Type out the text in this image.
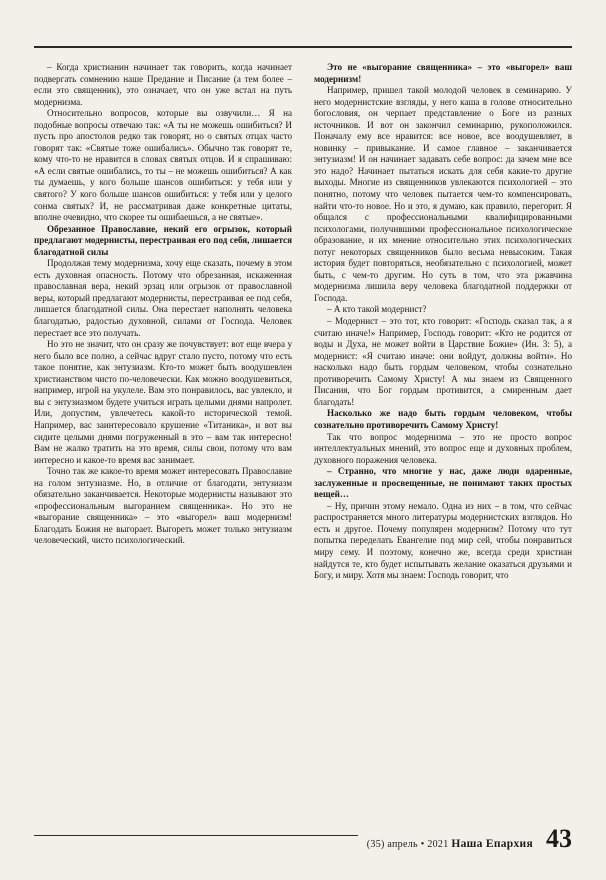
– Когда христианин начинает так говорить, когда начинает подвергать сомнению наше Предание и Писание (а тем более – если это священник), это означает, что он уже встал на путь модернизма.

Относительно вопросов, которые вы озвучили… Я на подобные вопросы отвечаю так: «А ты не можешь ошибиться? И пусть про апостолов редко так говорят, но о святых отцах часто говорят так: «Святые тоже ошибались». Обычно так говорят те, кому что-то не нравится в словах святых отцов. И я спрашиваю: «А если святые ошибались, то ты – не можешь ошибиться? А как ты думаешь, у кого больше шансов ошибиться: у тебя или у святого? У кого больше шансов ошибиться: у тебя или у целого сонма святых? И, не рассматривая даже конкретные цитаты, вполне очевидно, что скорее ты ошибаешься, а не святые».

Обрезанное Православие, некий его огрызок, который предлагают модернисты, перестраивая его под себя, лишается благодатной силы

Продолжая тему модернизма, хочу еще сказать, почему в этом есть духовная опасность. Потому что обрезанная, искаженная православная вера, некий эрзац или огрызок от православной веры, который предлагают модернисты, перестраивая ее под себя, лишается благодатной силы. Она перестает наполнять человека благодатью, радостью духовной, силами от Господа. Человек перестает все это получать.

Но это не значит, что он сразу же почувствует: вот еще вчера у него было все полно, а сейчас вдруг стало пусто, потому что есть такое понятие, как энтузиазм. Кто-то может быть воодушевлен христианством чисто по-человечески. Как можно воодушевиться, например, игрой на укулеле. Вам это понравилось, вас увлекло, и вы с энтузиазмом будете учиться играть целыми днями напролет. Или, допустим, увлечетесь какой-то исторической темой. Например, вас заинтересовало крушение «Титаника», и вот вы сидите целыми днями погруженный в это – вам так интересно! Вам не жалко тратить на это время, силы свои, потому что вам интересно и какое-то время вас занимает.

Точно так же какое-то время может интересовать Православие на голом энтузиазме. Но, в отличие от благодати, энтузиазм обязательно заканчивается. Некоторые модернисты называют это «профессиональным выгоранием священника». Но это не «выгорание священника» – это «выгорел» ваш модернизм! Благодать Божия не выгорает. Выгореть может только энтузиазм человеческий, чисто психологический.

Это не «выгорание священника» – это «выгорел» ваш модернизм!

Например, пришел такой молодой человек в семинарию. У него модернистские взгляды, у него каша в голове относительно богословия, он черпает представление о Боге из разных источников. И вот он закончил семинарию, рукоположился. Поначалу ему все нравится: все новое, все воодушевляет, в новинку – привыкание. И самое главное – заканчивается энтузиазм! И он начинает задавать себе вопрос: да зачем мне все это надо? Начинает пытаться искать для себя какие-то другие выходы. Многие из священников увлекаются психологией – это понятно, потому что человек пытается чем-то компенсировать, найти что-то новое. Но и это, я думаю, как правило, перегорит. Я общался с профессиональными квалифицированными психологами, получившими профессиональное психологическое образование, и их мнение относительно этих психологических потуг некоторых священников было весьма невысоким. Такая история будет повторяться, необязательно с психологией, может быть, с чем-то другим. Но суть в том, что эта ржавчина модернизма лишила веру человека благодатной поддержки от Господа.

– А кто такой модернист?

– Модернист – это тот, кто говорит: «Господь сказал так, а я считаю иначе!» Например, Господь говорит: «Кто не родится от воды и Духа, не может войти в Царствие Божие» (Ин. 3: 5), а модернист: «Я считаю иначе: они войдут, должны войти». Но насколько надо быть гордым человеком, чтобы сознательно противоречить Самому Христу! А мы знаем из Священного Писания, что Бог гордым противится, а смиренным дает благодать!

Насколько же надо быть гордым человеком, чтобы сознательно противоречить Самому Христу!

Так что вопрос модернизма – это не просто вопрос интеллектуальных мнений, это вопрос еще и духовных проблем, духовного поражения человека.

– Странно, что многие у нас, даже люди одаренные, заслуженные и просвещенные, не понимают таких простых вещей…

– Ну, причин этому немало. Одна из них – в том, что сейчас распространяется много литературы модернистских взглядов. Но есть и другое. Почему популярен модернизм? Потому что тут попытка переделать Евангелие под мир сей, чтобы понравиться миру сему. И поэтому, конечно же, всегда среди христиан найдутся те, кто будет испытывать желание оказаться друзьями и Богу, и миру. Хотя мы знаем: Господь говорит, что

(35) апрель • 2021 Наша Епархия 43
